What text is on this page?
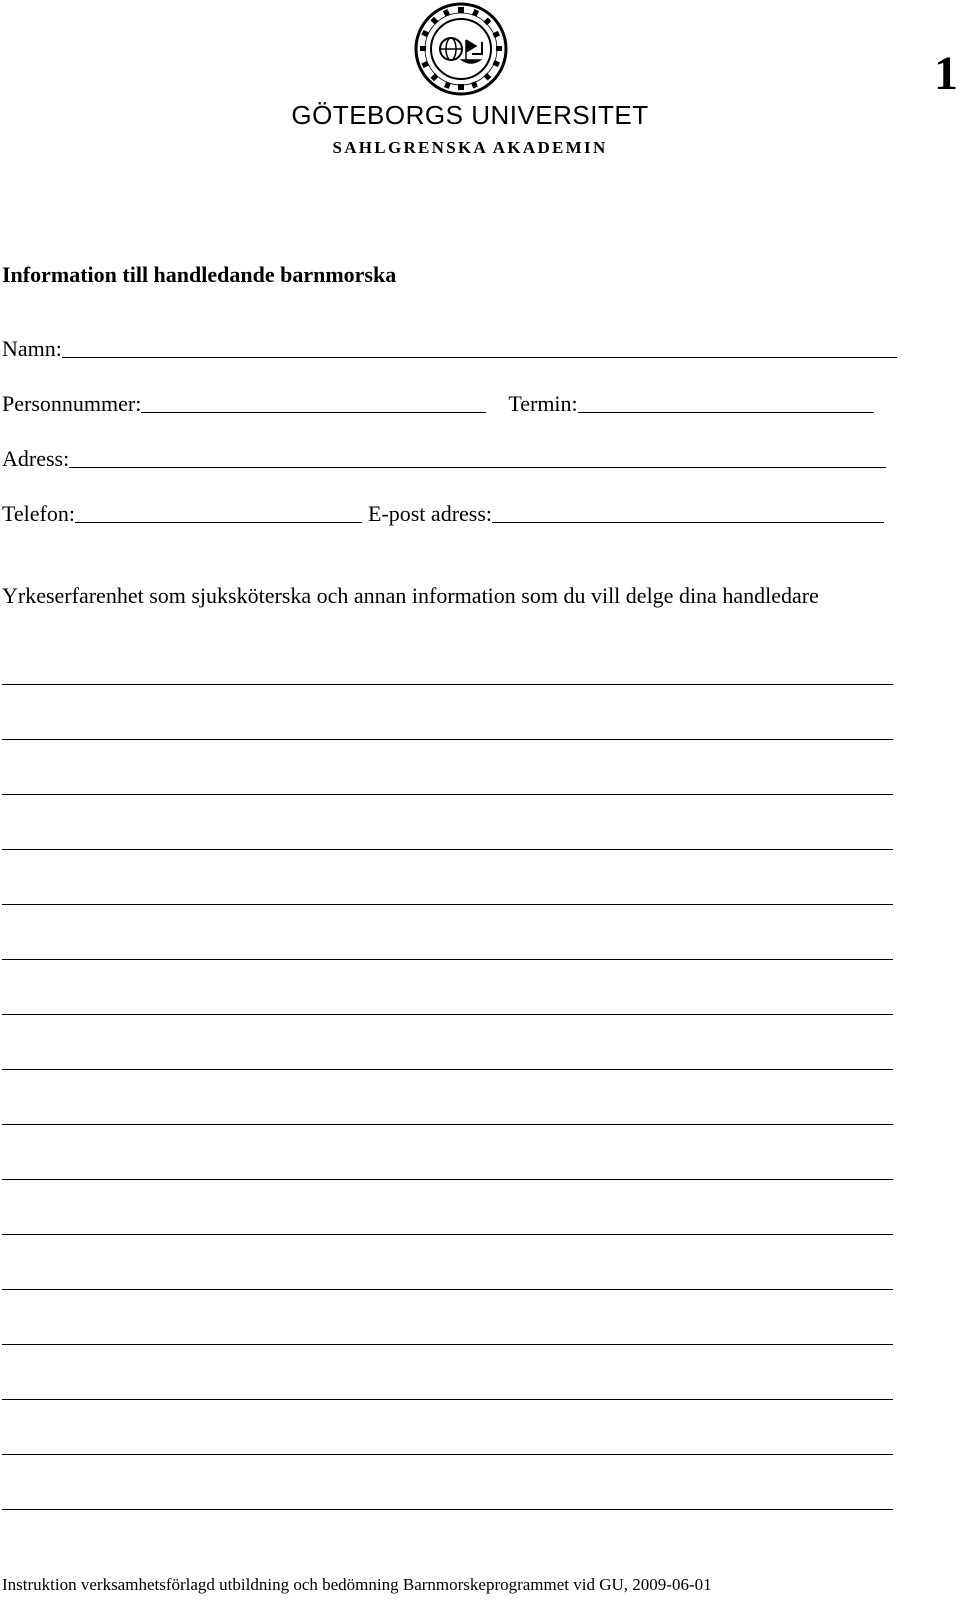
1
GÖTEBORGS UNIVERSITET
SAHLGRENSKA AKADEMIN
Information till handledande barnmorska
Namn:
Personnummer:	Termin:
Adress:
Telefon:	E-post adress:
Yrkeserfarenhet som sjuksköterska och annan information som du vill delge dina handledare
Instruktion verksamhetsförlagd utbildning och bedömning Barnmorskeprogrammet vid GU, 2009-06-01
